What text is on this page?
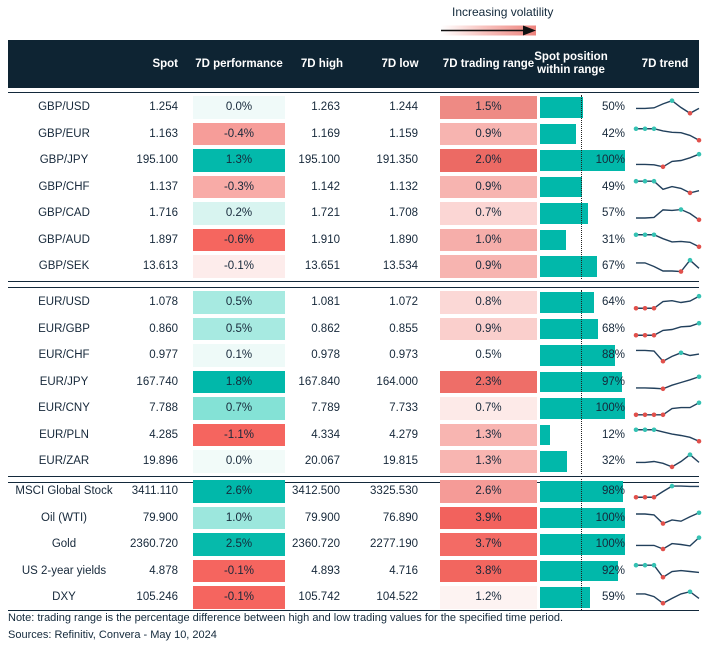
Increasing volatility
Spot 7D performance	7D high	7D low	7D trading range
Spot position within range
7D trend
GBP/USD	1.254	0.0%	1.263	1.244	1.5%	50%
GBP/EUR	1.163	-0.4%	1.169	1.159	0.9%	42%
GBP/JPY	195.100	1.3%	195.100	191.350	2.0%	100%
GBP/CHF	1.137	-0.3%	1.142	1.132	0.9%	49%
GBP/CAD	1.716	0.2%	1.721	1.708	0.7%	57%
GBP/AUD	1.897	-0.6%	1.910	1.890	1.0%	31%
GBP/SEK	13.613	-0.1%	13.651	13.534	0.9%	67%
EUR/USD	1.078	0.5%	1.081	1.072	0.8%	64%
EUR/GBP	0.860	0.5%	0.862	0.855	0.9%	68%
EUR/CHF	0.977	0.1%	0.978	0.973	0.5%	88%
EUR/JPY	167.740	1.8%	167.840	164.000	2.3%	97%
EUR/CNY	7.788	0.7%	7.789	7.733	0.7%	100%
EUR/PLN	4.285	-1.1%	4.334	4.279	1.3%	12%
EUR/ZAR	19.896	0.0%	20.067	19.815	1.3%	32%
MSCI Global Stock	3411.110	2.6%	3412.500	3325.530	2.6%	98%
Oil (WTI)	79.900	1.0%	79.900	76.890	3.9%	100%
Gold	2360.720	2.5%	2360.720	2277.190	3.7%	100%
US 2-year yields	4.878	-0.1%	4.893	4.716	3.8%	92%
DXY	105.246	-0.1%	105.742	104.522	1.2%	59%
Note: trading range is the percentage difference between high and low trading values for the specified time period.
Sources: Refinitiv, Convera - May 10, 2024
